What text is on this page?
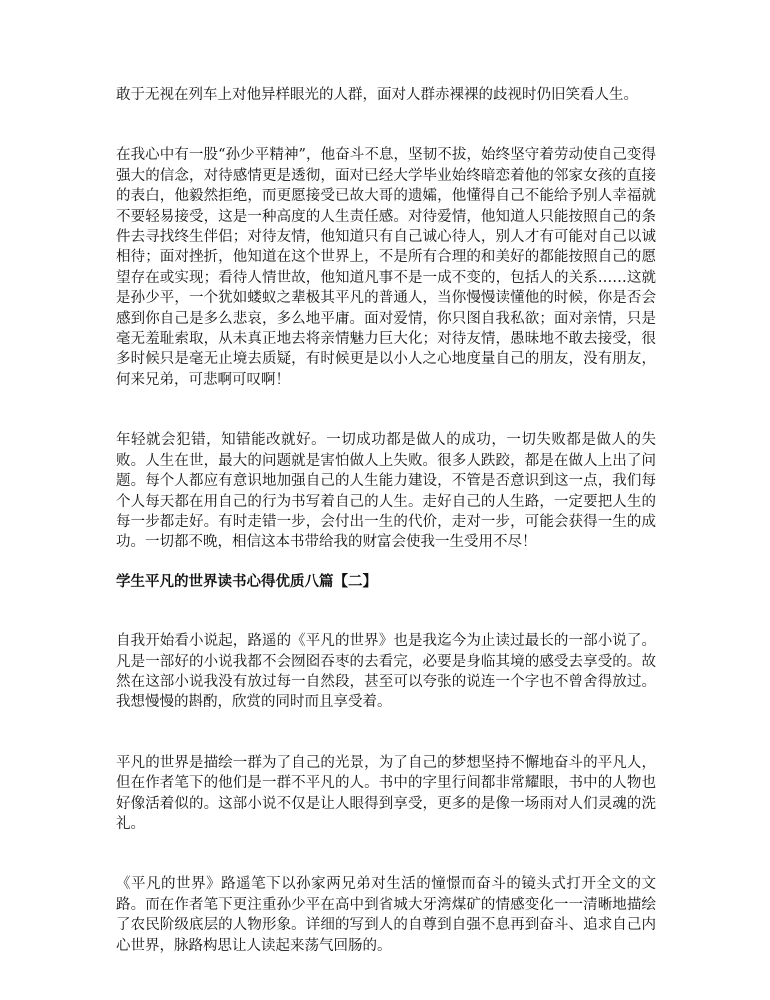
敢于无视在列车上对他异样眼光的人群，面对人群赤裸裸的歧视时仍旧笑看人生。

在我心中有一股“孙少平精神”，他奋斗不息，坚韧不拔，始终坚守着劳动使自己变得强大的信念，对待感情更是透彻，面对已经大学毕业始终暗恋着他的邻家女孩的直接的表白，他毅然拒绝，而更愿接受已故大哥的遗孀，他懂得自己不能给予别人幸福就不要轻易接受，这是一种高度的人生责任感。对待爱情，他知道人只能按照自己的条件去寻找终生伴侣；对待友情，他知道只有自己诚心待人，别人才有可能对自己以诚相待；面对挫折，他知道在这个世界上，不是所有合理的和美好的都能按照自己的愿望存在或实现；看待人情世故，他知道凡事不是一成不变的，包括人的关系……这就是孙少平，一个犹如蝼蚁之辈极其平凡的普通人，当你慢慢读懂他的时候，你是否会感到你自己是多么悲哀，多么地平庸。面对爱情，你只图自我私欲；面对亲情，只是毫无羞耻索取，从未真正地去将亲情魅力巨大化；对待友情，愚昧地不敢去接受，很多时候只是毫无止境去质疑，有时候更是以小人之心地度量自己的朋友，没有朋友，何来兄弟，可悲啊可叹啊！

年轻就会犯错，知错能改就好。一切成功都是做人的成功，一切失败都是做人的失败。人生在世，最大的问题就是害怕做人上失败。很多人跌跤，都是在做人上出了问题。每个人都应有意识地加强自己的人生能力建设，不管是否意识到这一点，我们每个人每天都在用自己的行为书写着自己的人生。走好自己的人生路，一定要把人生的每一步都走好。有时走错一步，会付出一生的代价，走对一步，可能会获得一生的成功。一切都不晚，相信这本书带给我的财富会使我一生受用不尽！

学生平凡的世界读书心得优质八篇【二】

自我开始看小说起，路遥的《平凡的世界》也是我迄今为止读过最长的一部小说了。凡是一部好的小说我都不会囫囵吞枣的去看完，必要是身临其境的感受去享受的。故然在这部小说我没有放过每一自然段，甚至可以夸张的说连一个字也不曾舍得放过。我想慢慢的斟酌，欣赏的同时而且享受着。

平凡的世界是描绘一群为了自己的光景，为了自己的梦想坚持不懈地奋斗的平凡人，但在作者笔下的他们是一群不平凡的人。书中的字里行间都非常耀眼，书中的人物也好像活着似的。这部小说不仅是让人眼得到享受，更多的是像一场雨对人们灵魂的洗礼。

《平凡的世界》路遥笔下以孙家两兄弟对生活的憧憬而奋斗的镜头式打开全文的文路。而在作者笔下更注重孙少平在高中到省城大牙湾煤矿的情感变化一一清晰地描绘了农民阶级底层的人物形象。详细的写到人的自尊到自强不息再到奋斗、追求自己内心世界，脉路构思让人读起来荡气回肠的。
